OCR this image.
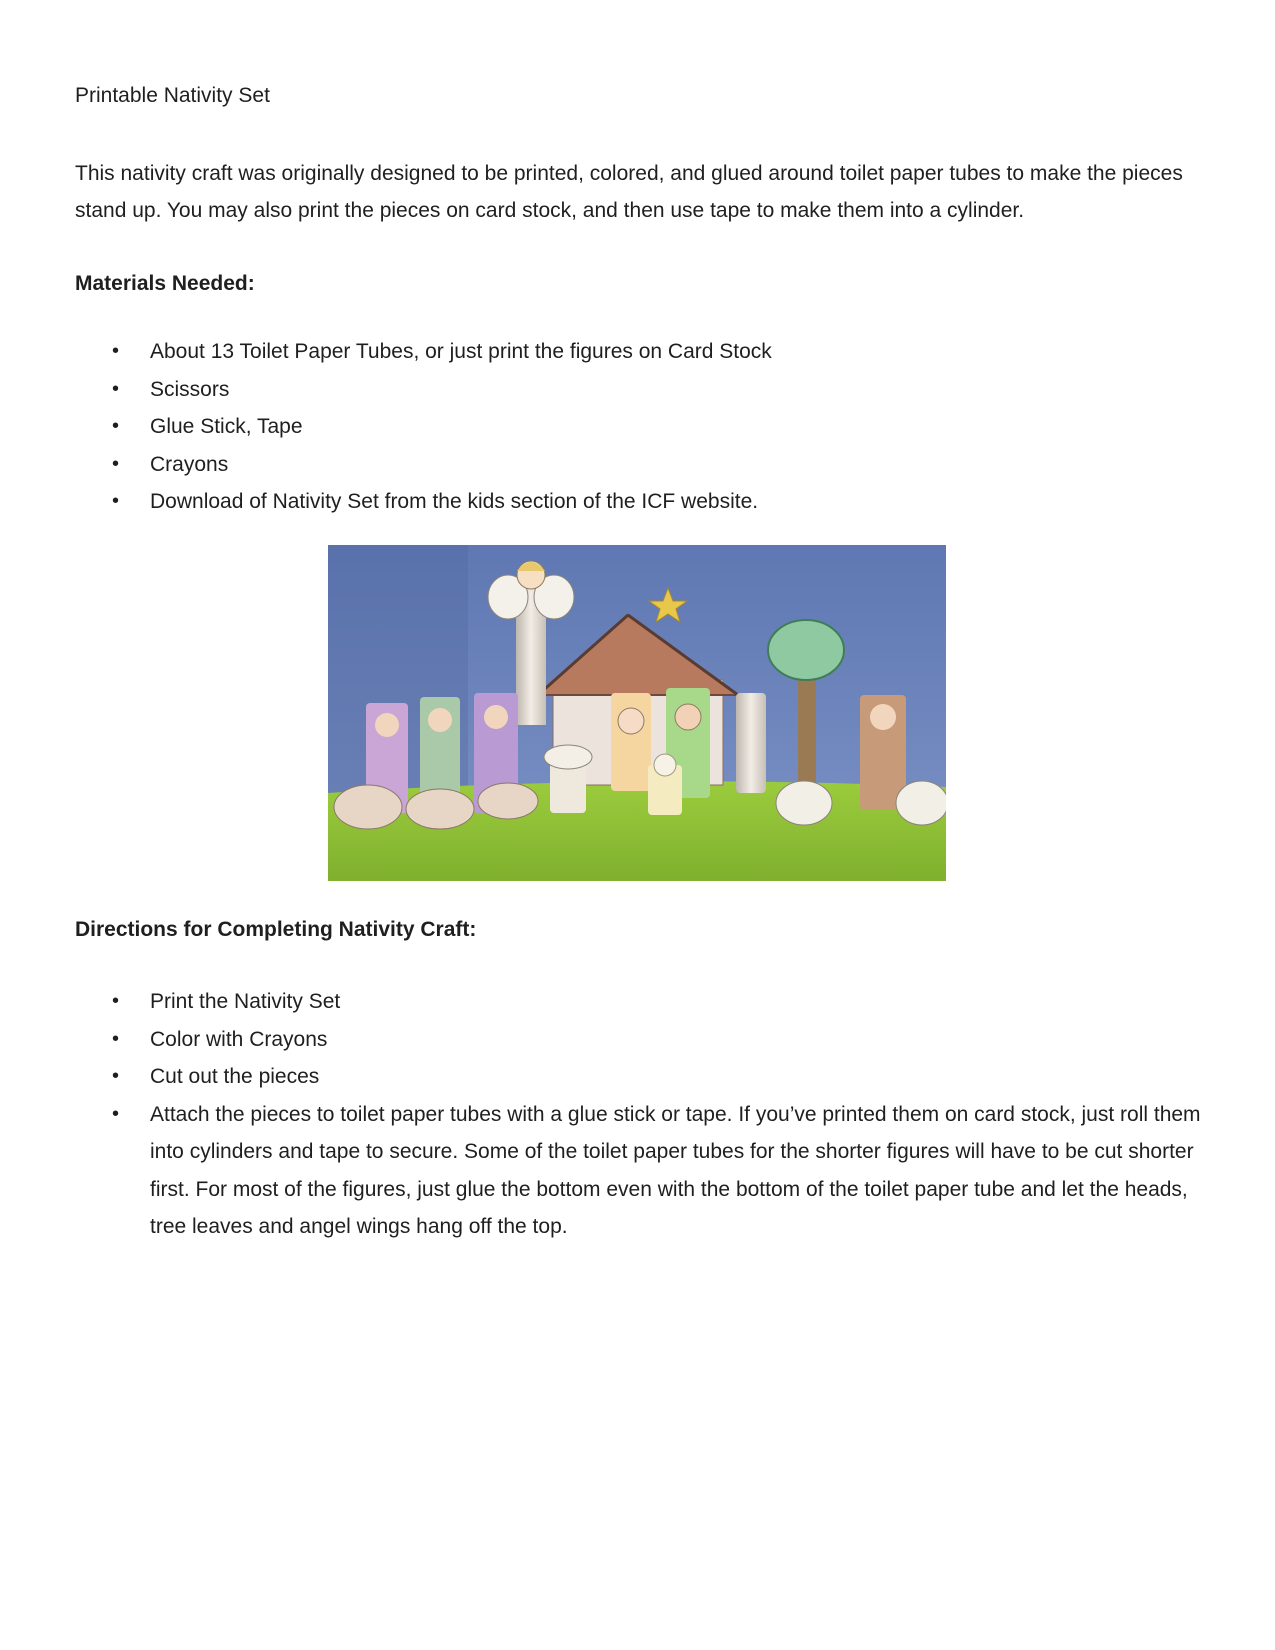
Printable Nativity Set

This nativity craft was originally designed to be printed, colored, and glued around toilet paper tubes to make the pieces stand up. You may also print the pieces on card stock, and then use tape to make them into a cylinder.

Materials Needed:

• About 13 Toilet Paper Tubes, or just print the figures on Card Stock
• Scissors
• Glue Stick, Tape
• Crayons
• Download of Nativity Set from the kids section of the ICF website.

Directions for Completing Nativity Craft:

• Print the Nativity Set
• Color with Crayons
• Cut out the pieces
• Attach the pieces to toilet paper tubes with a glue stick or tape. If you’ve printed them on card stock, just roll them into cylinders and tape to secure. Some of the toilet paper tubes for the shorter figures will have to be cut shorter first. For most of the figures, just glue the bottom even with the bottom of the toilet paper tube and let the heads, tree leaves and angel wings hang off the top.
